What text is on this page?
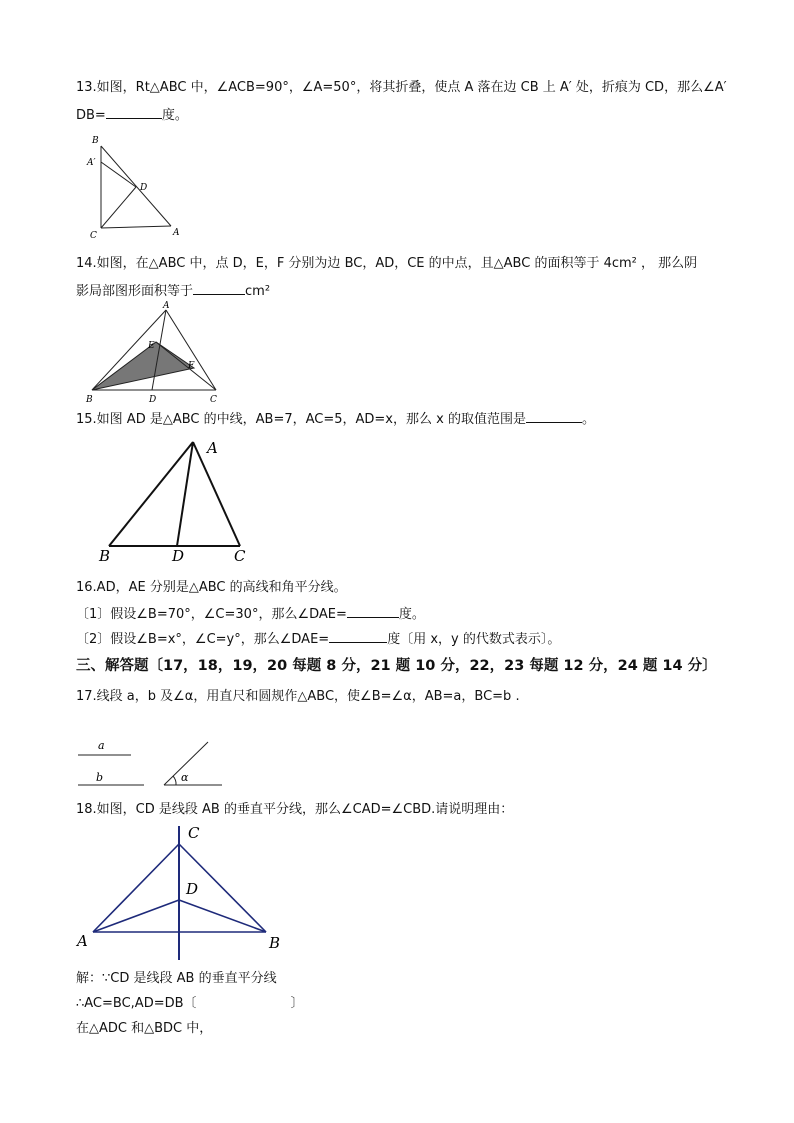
13.如图，Rt△ABC 中，∠ACB=90°，∠A=50°，将其折叠，使点 A 落在边 CB 上 A′ 处，折痕为 CD，那么∠A′
DB=	度。
B
A′
D
C	A
14.如图，在△ABC 中，点 D，E，F 分别为边 BC，AD，CE 的中点，且△ABC 的面积等于 4cm² ， 那么阴
影局部图形面积等于	cm²
A
E
F
B	D	C
15.如图 AD 是△ABC 的中线，AB=7，AC=5，AD=x，那么 x 的取值范围是	。
A
B	D	C
16.AD，AE 分别是△ABC 的高线和角平分线。
〔1〕假设∠B=70°，∠C=30°，那么∠DAE=	度。
〔2〕假设∠B=x°，∠C=y°，那么∠DAE=	度〔用 x，y 的代数式表示〕。
三、解答题〔17，18，19，20 每题 8 分，21 题 10 分，22，23 每题 12 分，24 题 14 分〕
17.线段 a，b 及∠α，用直尺和圆规作△ABC，使∠B=∠α，AB=a，BC=b .
a
b	α
18.如图，CD 是线段 AB 的垂直平分线，那么∠CAD=∠CBD.请说明理由：
C
D
A	B
解：∵CD 是线段 AB 的垂直平分线
∴AC=BC,AD=DB〔	〕
在△ADC 和△BDC 中，
